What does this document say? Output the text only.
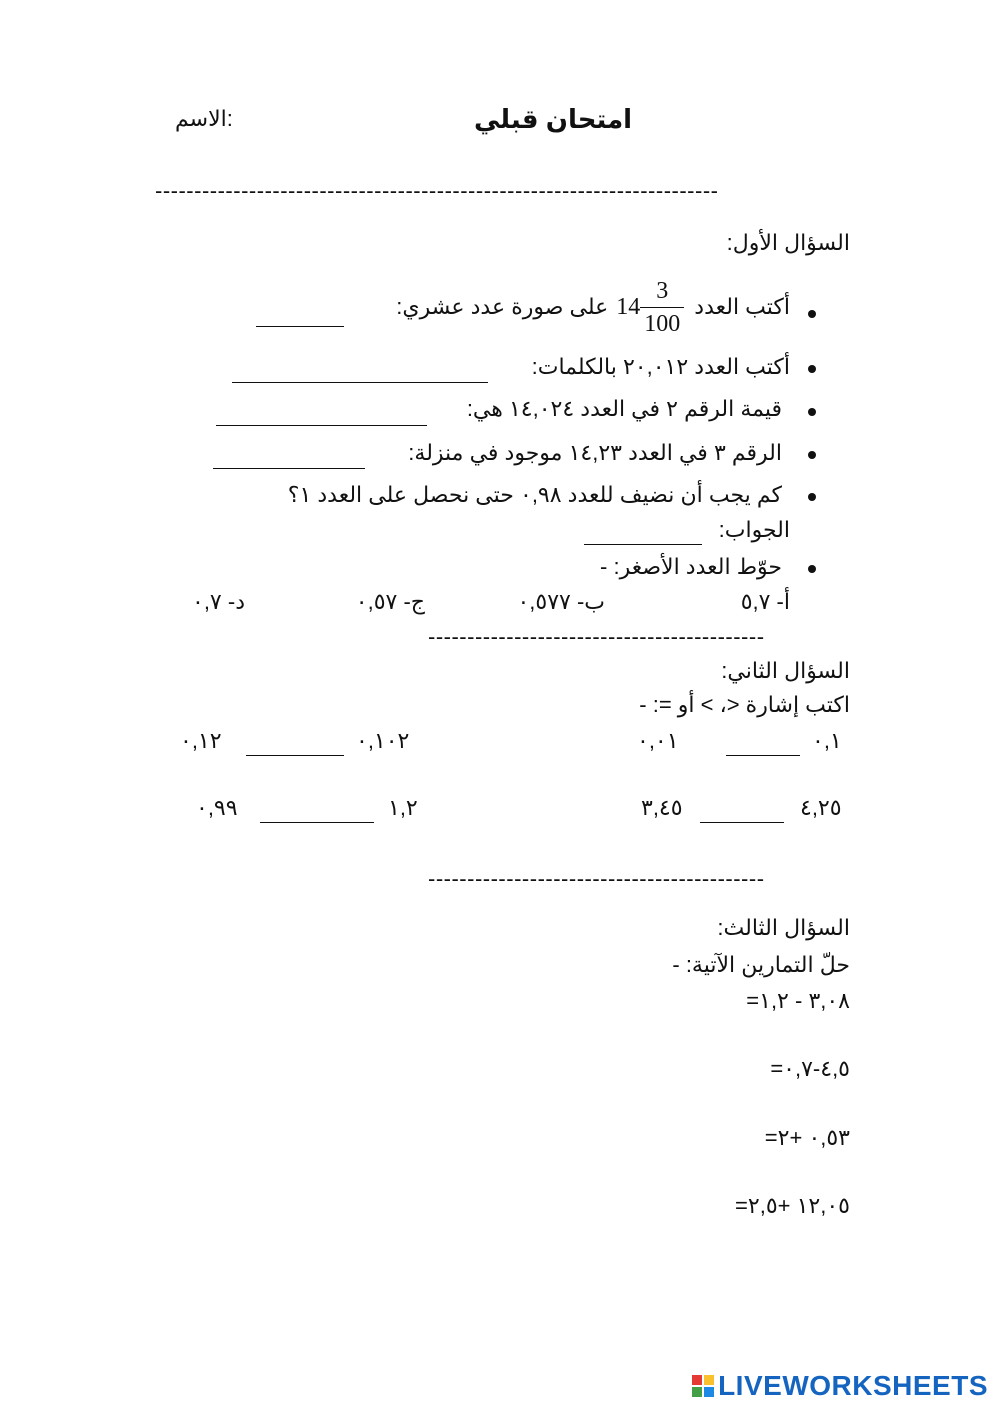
امتحان قبلي
الاسم:
------------------------------------------------------------------------
السؤال الأول:
أكتب العدد
$\frac{3}{100}$
14
على صورة عدد عشري:
أكتب العدد ٢٠,٠١٢ بالكلمات:
قيمة الرقم ٢ في العدد ١٤,٠٢٤ هي:
الرقم ٣ في العدد ١٤,٢٣ موجود في منزلة:
كم يجب أن نضيف للعدد ٠,٩٨ حتى نحصل على العدد ١؟
الجواب:
حوّط العدد الأصغر: -
أ- ٥,٧
ب- ٠,٥٧٧
ج- ٠,٥٧
د- ٠,٧
-------------------------------------------
السؤال الثاني:
اكتب إشارة <، > أو =: -
٠,١
٠,٠١
٠,١٠٢
٠,١٢
٤,٢٥
٣,٤٥
١,٢
٠,٩٩
-------------------------------------------
السؤال الثالث:
حلّ التمارين الآتية: -
٣,٠٨ - ١,٢=
٤,٥-٠,٧=
٠,٥٣ +٢=
١٢,٠٥ +٢,٥=
LIVEWORKSHEETS
